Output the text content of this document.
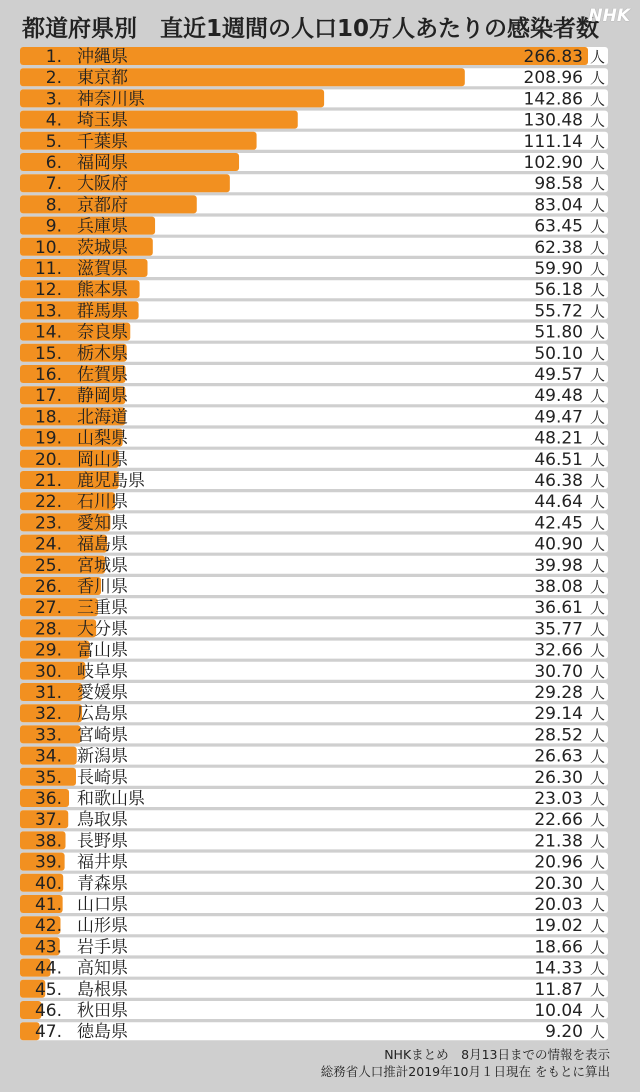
都道府県別　直近1週間の人口10万人あたりの感染者数
NHK
1. 沖縄県	266.83 人
2. 東京都	208.96 人
3. 神奈川県	142.86 人
4. 埼玉県	130.48 人
5. 千葉県	111.14 人
6. 福岡県	102.90 人
7. 大阪府	98.58 人
8. 京都府	83.04 人
9. 兵庫県	63.45 人
10. 茨城県	62.38 人
11. 滋賀県	59.90 人
12. 熊本県	56.18 人
13. 群馬県	55.72 人
14. 奈良県	51.80 人
15. 栃木県	50.10 人
16. 佐賀県	49.57 人
17. 静岡県	49.48 人
18. 北海道	49.47 人
19. 山梨県	48.21 人
20. 岡山県	46.51 人
21. 鹿児島県	46.38 人
22. 石川県	44.64 人
23. 愛知県	42.45 人
24. 福島県	40.90 人
25. 宮城県	39.98 人
26. 香川県	38.08 人
27. 三重県	36.61 人
28. 大分県	35.77 人
29. 富山県	32.66 人
30. 岐阜県	30.70 人
31. 愛媛県	29.28 人
32. 広島県	29.14 人
33. 宮崎県	28.52 人
34. 新潟県	26.63 人
35. 長崎県	26.30 人
36. 和歌山県	23.03 人
37. 鳥取県	22.66 人
38. 長野県	21.38 人
39. 福井県	20.96 人
40. 青森県	20.30 人
41. 山口県	20.03 人
42. 山形県	19.02 人
43. 岩手県	18.66 人
44. 高知県	14.33 人
45. 島根県	11.87 人
46. 秋田県	10.04 人
47. 徳島県	9.20 人
NHKまとめ　8月13日までの情報を表示
総務省人口推計2019年10月１日現在 をもとに算出
